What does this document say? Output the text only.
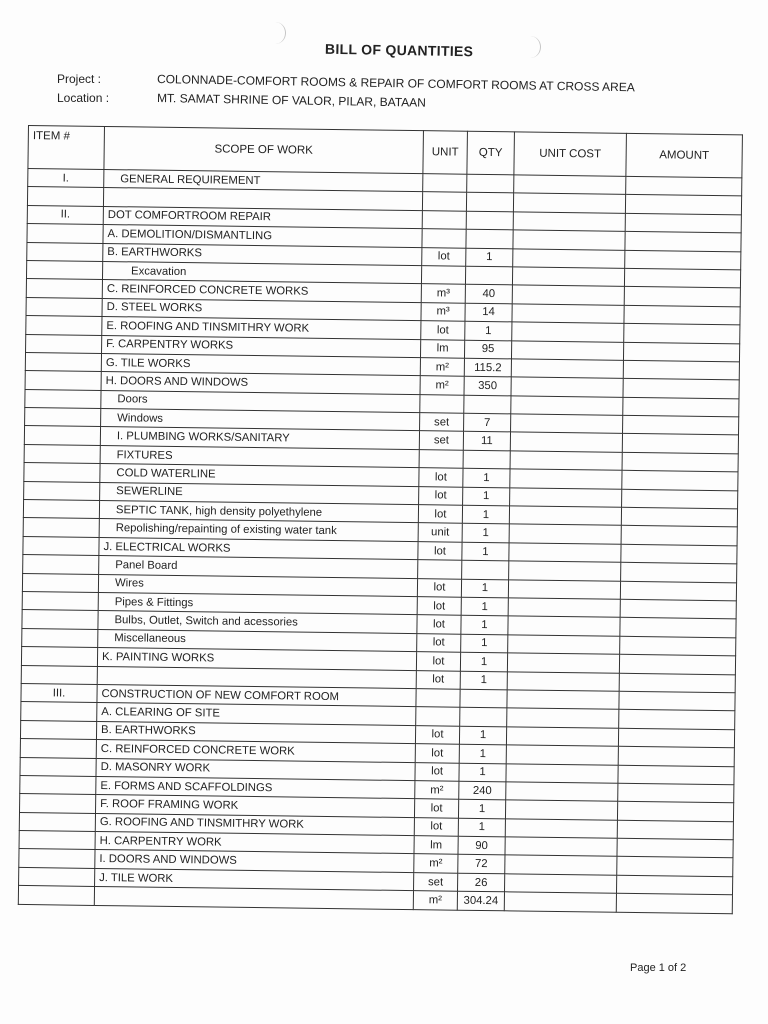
BILL OF QUANTITIES
Project :	COLONNADE-COMFORT ROOMS & REPAIR OF COMFORT ROOMS AT CROSS AREA
Location :	MT. SAMAT SHRINE OF VALOR, PILAR, BATAAN
ITEM #	SCOPE OF WORK	UNIT	QTY	UNIT COST	AMOUNT
I.	GENERAL REQUIREMENT				

II.	DOT COMFORTROOM REPAIR				
	A. DEMOLITION/DISMANTLING				
	B. EARTHWORKS	lot	1		
	Excavation				
	C. REINFORCED CONCRETE WORKS	m³	40		
	D. STEEL WORKS	m³	14		
	E. ROOFING AND TINSMITHRY WORK	lot	1		
	F. CARPENTRY WORKS	lm	95		
	G. TILE WORKS	m²	115.2		
	H. DOORS AND WINDOWS	m²	350		
	Doors				
	Windows	set	7		
	I. PLUMBING WORKS/SANITARY	set	11		
	FIXTURES				
	COLD WATERLINE	lot	1		
	SEWERLINE	lot	1		
	SEPTIC TANK, high density polyethylene	lot	1		
	Repolishing/repainting of existing water tank	unit	1		
	J. ELECTRICAL WORKS	lot	1		
	Panel Board				
	Wires	lot	1		
	Pipes & Fittings	lot	1		
	Bulbs, Outlet, Switch and acessories	lot	1		
	Miscellaneous	lot	1		
	K. PAINTING WORKS	lot	1		
		lot	1		
III.	CONSTRUCTION OF NEW COMFORT ROOM				
	A. CLEARING OF SITE				
	B. EARTHWORKS	lot	1		
	C. REINFORCED CONCRETE WORK	lot	1		
	D. MASONRY WORK	lot	1		
	E. FORMS AND SCAFFOLDINGS	m²	240		
	F. ROOF FRAMING WORK	lot	1		
	G. ROOFING AND TINSMITHRY WORK	lot	1		
	H. CARPENTRY WORK	lm	90		
	I. DOORS AND WINDOWS	m²	72		
	J. TILE WORK	set	26		
		m²	304.24		
Page 1 of 2
